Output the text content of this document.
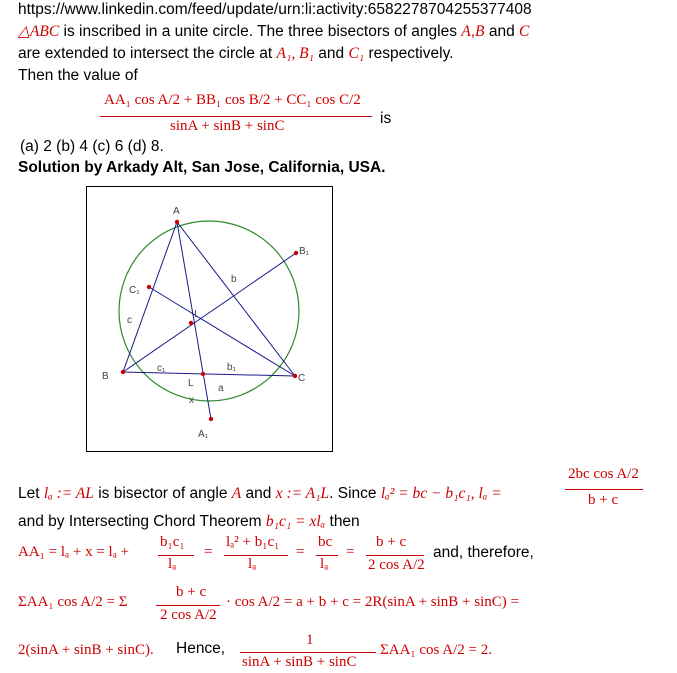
https://www.linkedin.com/feed/update/urn:li:activity:6582278704255377408
△ABC is inscribed in a unite circle. The three bisectors of angles A,B and C
are extended to intersect the circle at A₁, B₁ and C₁ respectively.
Then the value of
AA₁ cos A/2 + BB₁ cos B/2 + CC₁ cos C/2
sinA + sinB + sinC	is
(a) 2 (b) 4 (c) 6 (d) 8.
Solution by Arkady Alt, San Jose, California, USA.
A
B	C
A₁
B₁
C₁
I
L a
b
c
x
c₁	b₁
Let lₐ := AL is bisector of angle A and x := A₁L. Since lₐ² = bc − b₁c₁, lₐ =
2bc cos A/2
b + c
and by Intersecting Chord Theorem b₁c₁ = xlₐ then
AA₁ = lₐ + x = lₐ +
b₁c₁
lₐ
=
lₐ² + b₁c₁
lₐ
=
bc
lₐ
=
b + c
2 cos A/2
and, therefore,
ΣAA₁ cos A/2 = Σ
b + c
2 cos A/2
· cos A/2 = a + b + c = 2R(sinA + sinB + sinC) =
2(sinA + sinB + sinC). Hence,	1
sinA + sinB + sinC
ΣAA₁ cos A/2 = 2.
